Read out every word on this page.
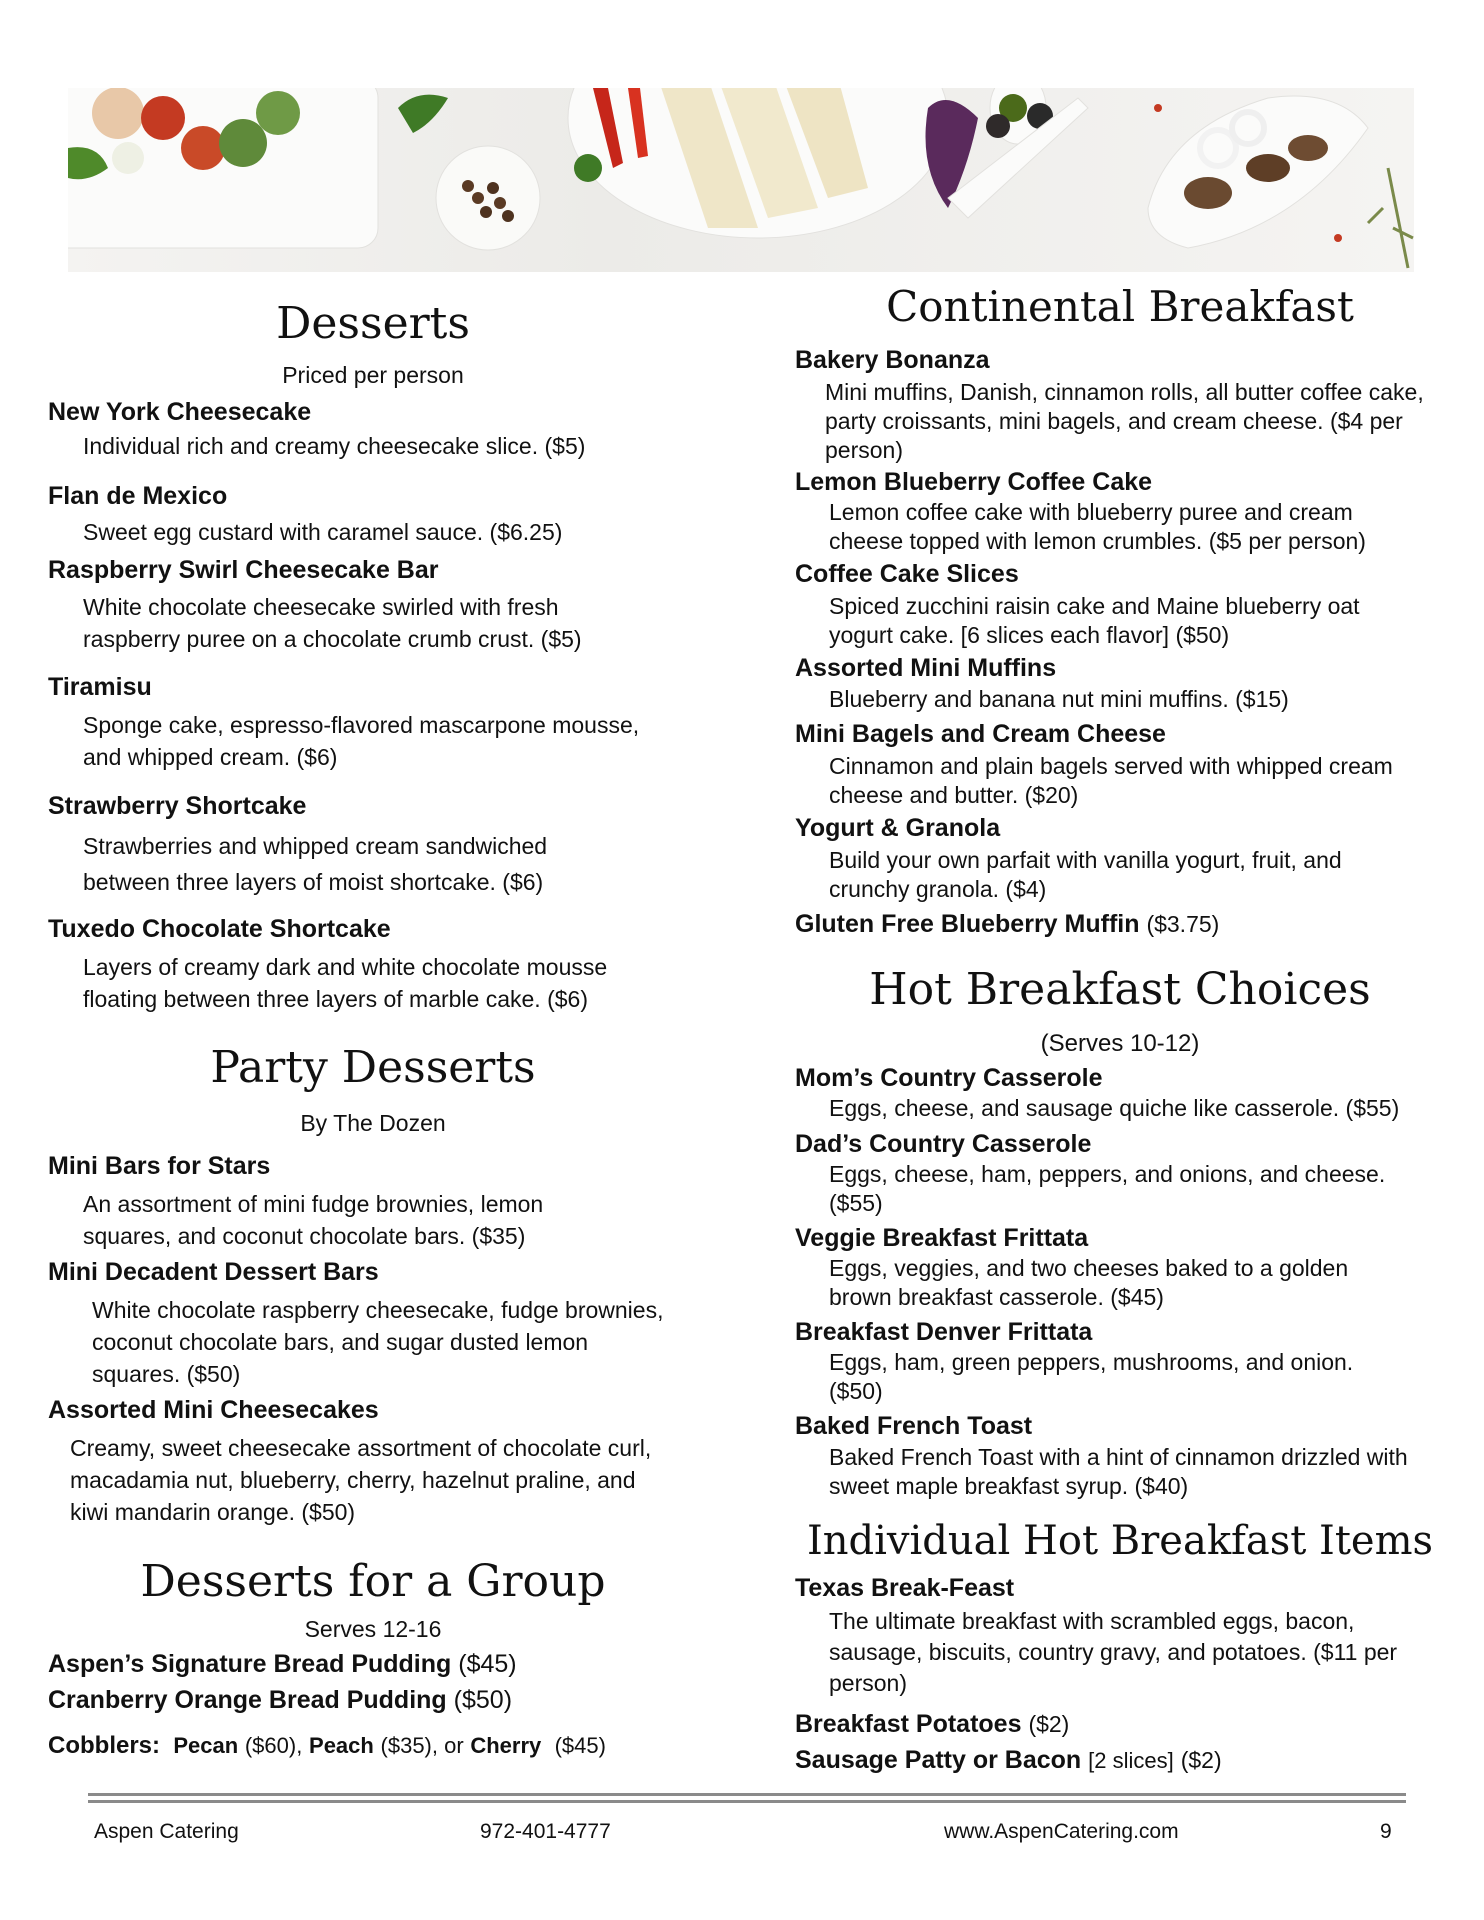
Desserts
Priced per person
New York Cheesecake
Individual rich and creamy cheesecake slice. ($5)
Flan de Mexico
Sweet egg custard with caramel sauce. ($6.25)
Raspberry Swirl Cheesecake Bar
White chocolate cheesecake swirled with fresh raspberry puree on a chocolate crumb crust. ($5)
Tiramisu
Sponge cake, espresso-flavored mascarpone mousse, and whipped cream. ($6)
Strawberry Shortcake
Strawberries and whipped cream sandwiched between three layers of moist shortcake. ($6)
Tuxedo Chocolate Shortcake
Layers of creamy dark and white chocolate mousse floating between three layers of marble cake. ($6)
Party Desserts
By The Dozen
Mini Bars for Stars
An assortment of mini fudge brownies, lemon squares, and coconut chocolate bars. ($35)
Mini Decadent Dessert Bars
White chocolate raspberry cheesecake, fudge brownies, coconut chocolate bars, and sugar dusted lemon squares. ($50)
Assorted Mini Cheesecakes
Creamy, sweet cheesecake assortment of chocolate curl, macadamia nut, blueberry, cherry, hazelnut praline, and kiwi mandarin orange. ($50)
Desserts for a Group
Serves 12-16
Aspen’s Signature Bread Pudding ($45)
Cranberry Orange Bread Pudding ($50)
Cobblers: Pecan ($60), Peach ($35), or Cherry ($45)
Continental Breakfast
Bakery Bonanza
Mini muffins, Danish, cinnamon rolls, all butter coffee cake, party croissants, mini bagels, and cream cheese. ($4 per person)
Lemon Blueberry Coffee Cake
Lemon coffee cake with blueberry puree and cream cheese topped with lemon crumbles. ($5 per person)
Coffee Cake Slices
Spiced zucchini raisin cake and Maine blueberry oat yogurt cake. [6 slices each flavor] ($50)
Assorted Mini Muffins
Blueberry and banana nut mini muffins. ($15)
Mini Bagels and Cream Cheese
Cinnamon and plain bagels served with whipped cream cheese and butter. ($20)
Yogurt & Granola
Build your own parfait with vanilla yogurt, fruit, and crunchy granola. ($4)
Gluten Free Blueberry Muffin ($3.75)
Hot Breakfast Choices
(Serves 10-12)
Mom’s Country Casserole
Eggs, cheese, and sausage quiche like casserole. ($55)
Dad’s Country Casserole
Eggs, cheese, ham, peppers, and onions, and cheese. ($55)
Veggie Breakfast Frittata
Eggs, veggies, and two cheeses baked to a golden brown breakfast casserole. ($45)
Breakfast Denver Frittata
Eggs, ham, green peppers, mushrooms, and onion. ($50)
Baked French Toast
Baked French Toast with a hint of cinnamon drizzled with sweet maple breakfast syrup. ($40)
Individual Hot Breakfast Items
Texas Break-Feast
The ultimate breakfast with scrambled eggs, bacon, sausage, biscuits, country gravy, and potatoes. ($11 per person)
Breakfast Potatoes ($2)
Sausage Patty or Bacon [2 slices] ($2)
Aspen Catering	972-401-4777	www.AspenCatering.com	9
